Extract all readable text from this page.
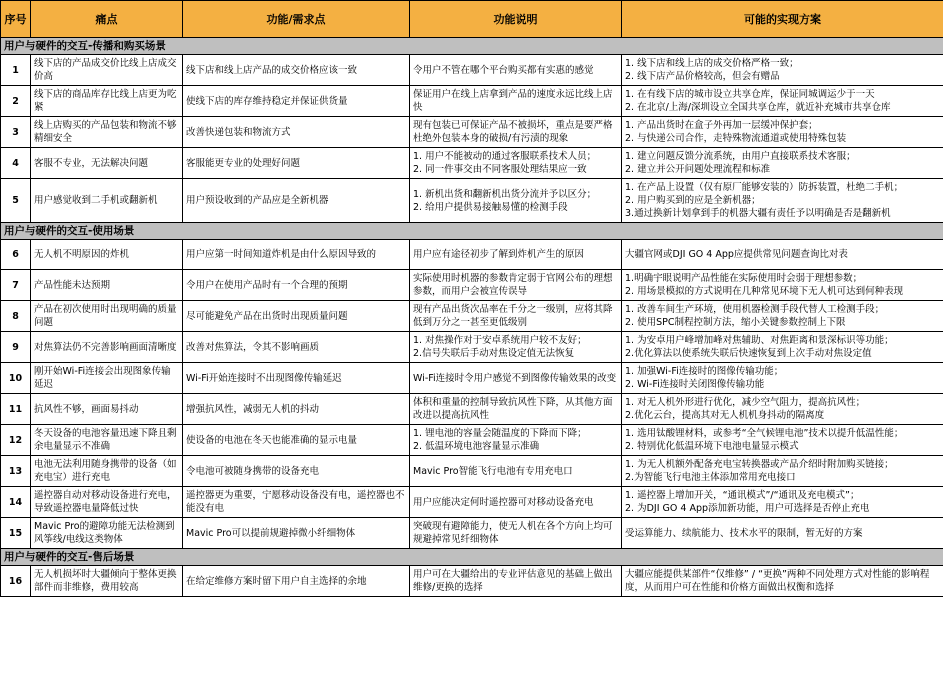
序号	痛点	功能/需求点	功能说明	可能的实现方案
用户与硬件的交互-传播和购买场景				
1	线下店的产品成交价比线上店成交价高	线下店和线上店产品的成交价格应该一致	令用户不管在哪个平台购买都有实惠的感觉	1. 线下店和线上店的成交价格严格一致；
2. 线下店产品价格较高，但会有赠品

2	线下店的商品库存比线上店更为吃紧	使线下店的库存维持稳定并保证供货量	保证用户在线上店拿到产品的速度永远比线上店快	1. 在有线下店的城市设立共享仓库，保证同城调运少于一天
2. 在北京/上海/深圳设立全国共享仓库，就近补充城市共享仓库

3	线上店购买的产品包装和物流不够精细安全	改善快递包装和物流方式	现有包装已可保证产品不被损坏，重点是要严格杜绝外包装本身的破损/有污渍的现象	1. 产品出货时在盒子外再加一层缓冲保护套；
2. 与快递公司合作，走特殊物流通道或使用特殊包装

4	客服不专业，无法解决问题	客服能更专业的处理好问题	1. 用户不能被动的通过客服联系技术人员；
2. 同一件事交由不同客服处理结果应一致	1. 建立问题反馈分流系统，由用户直接联系技术客服；
2. 建立并公开问题处理流程和标准

5	用户感觉收到二手机或翻新机	用户预设收到的产品应是全新机器	1. 新机出货和翻新机出货分流并予以区分；
2. 给用户提供易接触易懂的检测手段	1. 在产品上设置（仅有原厂能够安装的）防拆装置，杜绝二手机；
2. 用户购买到的应是全新机器；
3.通过换新计划拿到手的机器大疆有责任予以明确是否是翻新机

用户与硬件的交互-使用场景				
6	无人机不明原因的炸机	用户应第一时间知道炸机是由什么原因导致的	用户应有途径初步了解到炸机产生的原因	大疆官网或DJI GO 4 App应提供常见问题查询比对表

7	产品性能未达预期	令用户在使用产品时有一个合理的预期	实际使用时机器的参数肯定弱于官网公布的理想参数，而用户会被宣传误导	1.明确宇眼说明产品性能在实际使用时会弱于理想参数；
2. 用场景模拟的方式说明在几种常见环境下无人机可达到何种表现

8	产品在初次使用时出现明确的质量问题	尽可能避免产品在出货时出现质量问题	现有产品出货次品率在千分之一级别，应将其降低到万分之一甚至更低级别	1. 改善车间生产环境，使用机器检测手段代替人工检测手段；
2. 使用SPC制程控制方法，缩小关键参数控制上下限

9	对焦算法仍不完善影响画面清晰度	改善对焦算法，令其不影响画质	1. 对焦操作对于安卓系统用户较不友好；
2.信号失联后手动对焦设定值无法恢复	1. 为安卓用户峰增加峰对焦辅助、对焦距离和景深标识等功能；
2.优化算法以使系统失联后快速恢复到上次手动对焦设定值

10	刚开始Wi-Fi连接会出现图象传输延迟	Wi-Fi开始连接时不出现图像传输延迟	Wi-Fi连接时令用户感觉不到图像传输效果的改变	1. 加强Wi-Fi连接时的图像传输功能；
2. Wi-Fi连接时关闭图像传输功能

11	抗风性不够，画面易抖动	增强抗风性，减弱无人机的抖动	体积和重量的控制导致抗风性下降，从其他方面改进以提高抗风性	1. 对无人机外形进行优化，减少空气阻力，提高抗风性；
2.优化云台，提高其对无人机机身抖动的隔离度

12	冬天设备的电池容量迅速下降且剩余电量显示不准确	使设备的电池在冬天也能准确的显示电量	1. 锂电池的容量会随温度的下降而下降；
2. 低温环境电池容量显示准确	1. 选用钛酸锂材料，或参考“全气候锂电池”技术以提升低温性能；
2. 特别优化低温环境下电池电量显示模式

13	电池无法利用随身携带的设备（如充电宝）进行充电	令电池可被随身携带的设备充电	Mavic Pro智能飞行电池有专用充电口	1. 为无人机额外配备充电宝转换器或产品介绍时附加购买链接；
2.为智能飞行电池主体添加常用充电接口

14	遥控器自动对移动设备进行充电，导致遥控器电量降低过快	遥控器更为重要，宁愿移动设备没有电，遥控器也不能没有电	用户应能决定何时遥控器可对移动设备充电	1. 遥控器上增加开关，“通讯模式”/“通讯及充电模式”；
2. 为DJI GO 4 App添加新功能，用户可选择是否停止充电

15	Mavic Pro的避障功能无法检测到风筝线/电线这类物体	Mavic Pro可以提前规避掉微小纤细物体	突破现有避障能力，使无人机在各个方向上均可规避掉常见纤细物体	受运算能力、续航能力、技术水平的限制，暂无好的方案

用户与硬件的交互-售后场景				
16	无人机损坏时大疆倾向于整体更换部件而非维修，费用较高	在给定维修方案时留下用户自主选择的余地	用户可在大疆给出的专业评估意见的基础上做出维修/更换的选择	大疆应能提供某部件“仅维修” / “更换”两种不同处理方式对性能的影响程度，从而用户可在性能和价格方面做出权衡和选择
